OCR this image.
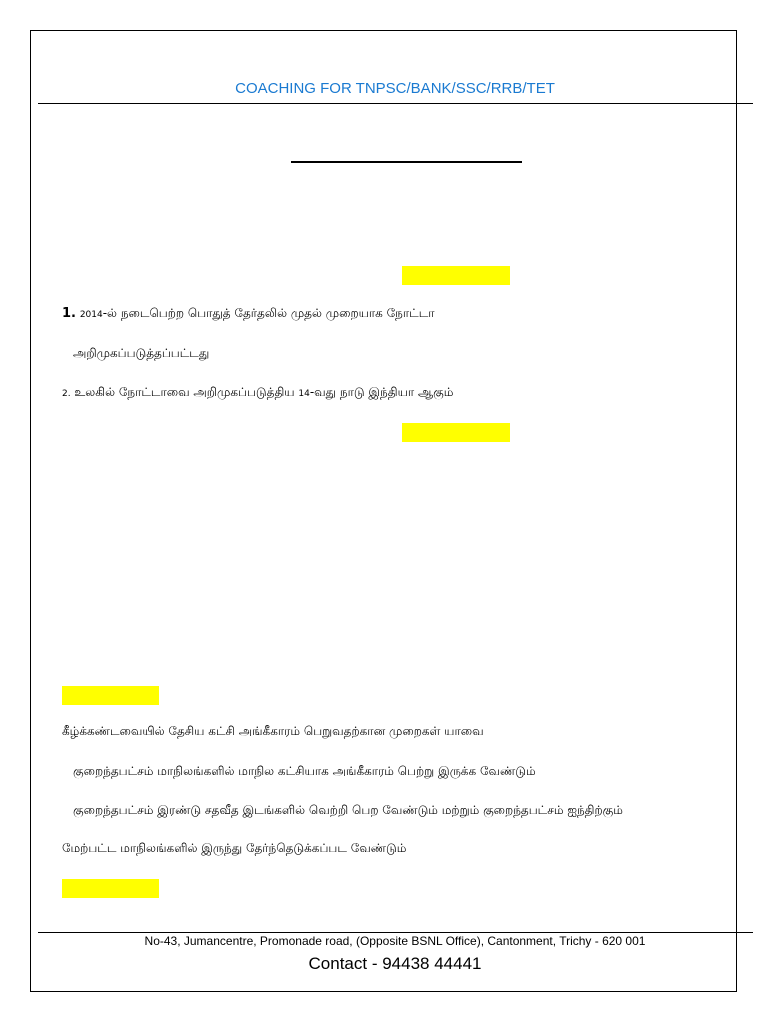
COACHING FOR TNPSC/BANK/SSC/RRB/TET
1. 2014-ல் நடைபெற்ற பொதுத் தேர்தலில் முதல் முறையாக நோட்டா
அறிமுகப்படுத்தப்பட்டது
2. உலகில் நோட்டாவை அறிமுகப்படுத்திய 14-வது நாடு இந்தியா ஆகும்
கீழ்க்கண்டவையில் தேசிய கட்சி அங்கீகாரம் பெறுவதற்கான முறைகள் யாவை
குறைந்தபட்சம் மாநிலங்களில் மாநில கட்சியாக அங்கீகாரம் பெற்று இருக்க வேண்டும்
குறைந்தபட்சம் இரண்டு சதவீத இடங்களில் வெற்றி பெற வேண்டும் மற்றும் குறைந்தபட்சம் ஐந்திற்கும்
மேற்பட்ட மாநிலங்களில் இருந்து தேர்ந்தெடுக்கப்பட வேண்டும்
No-43, Jumancentre, Promonade road, (Opposite BSNL Office), Cantonment, Trichy - 620 001
Contact - 94438 44441
